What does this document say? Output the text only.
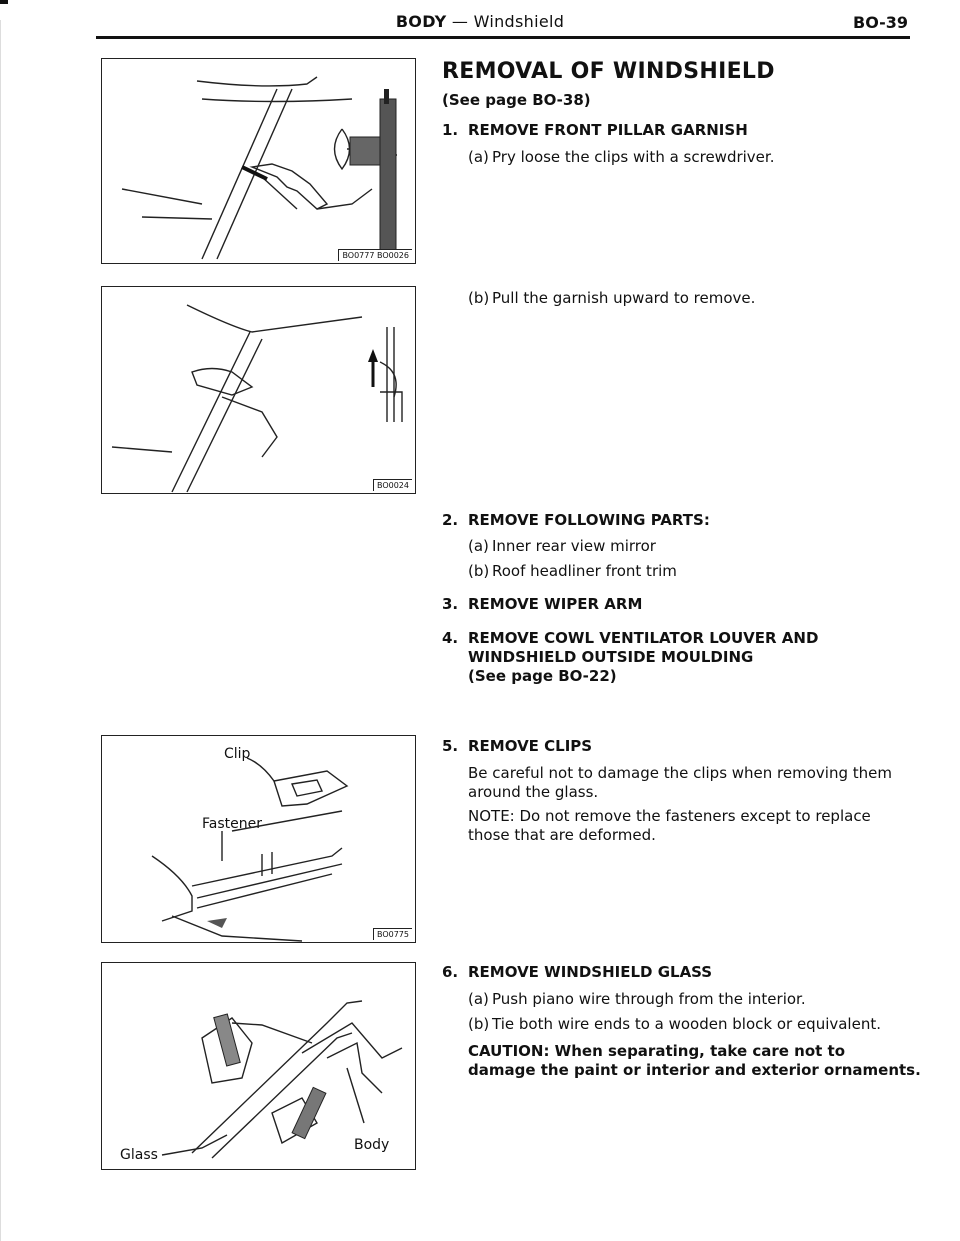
BODY — Windshield	BO-39
BO0777 BO0026
BO0024
Clip
Fastener
BO0775
Glass
Body
REMOVAL OF WINDSHIELD
(See page BO-38)
1. REMOVE FRONT PILLAR GARNISH
(a) Pry loose the clips with a screwdriver.
(b) Pull the garnish upward to remove.
2. REMOVE FOLLOWING PARTS:
(a) Inner rear view mirror
(b) Roof headliner front trim
3. REMOVE WIPER ARM
4. REMOVE COWL VENTILATOR LOUVER AND
WINDSHIELD OUTSIDE MOULDING
(See page BO-22)
5. REMOVE CLIPS
Be careful not to damage the clips when removing them
around the glass.
NOTE: Do not remove the fasteners except to replace
those that are deformed.
6. REMOVE WINDSHIELD GLASS
(a) Push piano wire through from the interior.
(b) Tie both wire ends to a wooden block or equivalent.
CAUTION: When separating, take care not to
damage the paint or interior and exterior ornaments.
